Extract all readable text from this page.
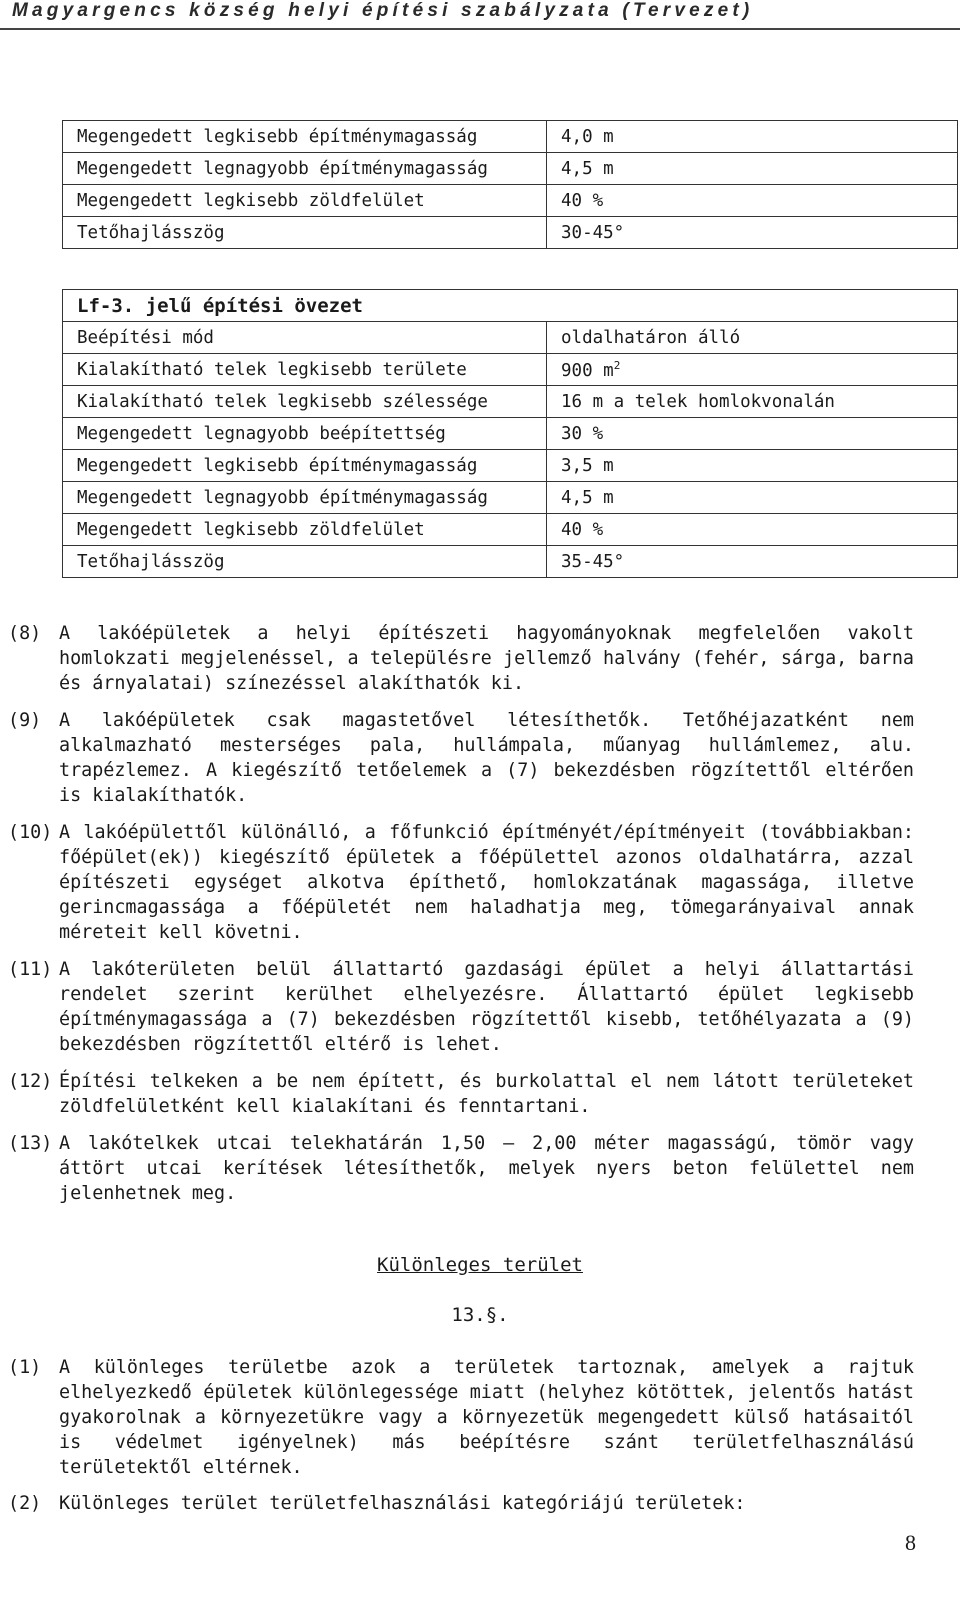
Magyargencs község helyi építési szabályzata (Tervezet)
Megengedett legkisebb építménymagasság	4,0 m
Megengedett legnagyobb építménymagasság	4,5 m
Megengedett legkisebb zöldfelület	40 %
Tetőhajlásszög	30-45°
Lf-3. jelű építési övezet	
Beépítési mód	oldalhatáron álló
Kialakítható telek legkisebb területe	900 $m^2$
Kialakítható telek legkisebb szélessége	16 m a telek homlokvonalán
Megengedett legnagyobb beépítettség	30 %
Megengedett legkisebb építménymagasság	3,5 m
Megengedett legnagyobb építménymagasság	4,5 m
Megengedett legkisebb zöldfelület	40 %
Tetőhajlásszög	35-45°
(8) A lakóépületek a helyi építészeti hagyományoknak megfelelően vakolt homlokzati megjelenéssel, a településre jellemző halvány (fehér, sárga, barna és árnyalatai) színezéssel alakíthatók ki.
(9) A lakóépületek csak magastetővel létesíthetők. Tetőhéjazatként nem alkalmazható mesterséges pala, hullámpala, műanyag hullámlemez, alu. trapézlemez. A kiegészítő tetőelemek a (7) bekezdésben rögzítettől eltérően is kialakíthatók.
(10) A lakóépülettől különálló, a főfunkció építményét/építményeit (továbbiakban: főépület(ek)) kiegészítő épületek a főépülettel azonos oldalhatárra, azzal építészeti egységet alkotva építhető, homlokzatának magassága, illetve gerincmagassága a főépületét nem haladhatja meg, tömegarányaival annak méreteit kell követni.
(11) A lakóterületen belül állattartó gazdasági épület a helyi állattartási rendelet szerint kerülhet elhelyezésre. Állattartó épület legkisebb építménymagassága a (7) bekezdésben rögzítettől kisebb, tetőhélyazata a (9) bekezdésben rögzítettől eltérő is lehet.
(12) Építési telkeken a be nem épített, és burkolattal el nem látott területeket zöldfelületként kell kialakítani és fenntartani.
(13) A lakótelkek utcai telekhatárán 1,50 – 2,00 méter magasságú, tömör vagy áttört utcai kerítések létesíthetők, melyek nyers beton felülettel nem jelenhetnek meg.
Különleges terület
13.§.
(1) A különleges területbe azok a területek tartoznak, amelyek a rajtuk elhelyezkedő épületek különlegessége miatt (helyhez kötöttek, jelentős hatást gyakorolnak a környezetükre vagy a környezetük megengedett külső hatásaitól is védelmet igényelnek) más beépítésre szánt területfelhasználású területektől eltérnek.
(2) Különleges terület területfelhasználási kategóriájú területek:
8
